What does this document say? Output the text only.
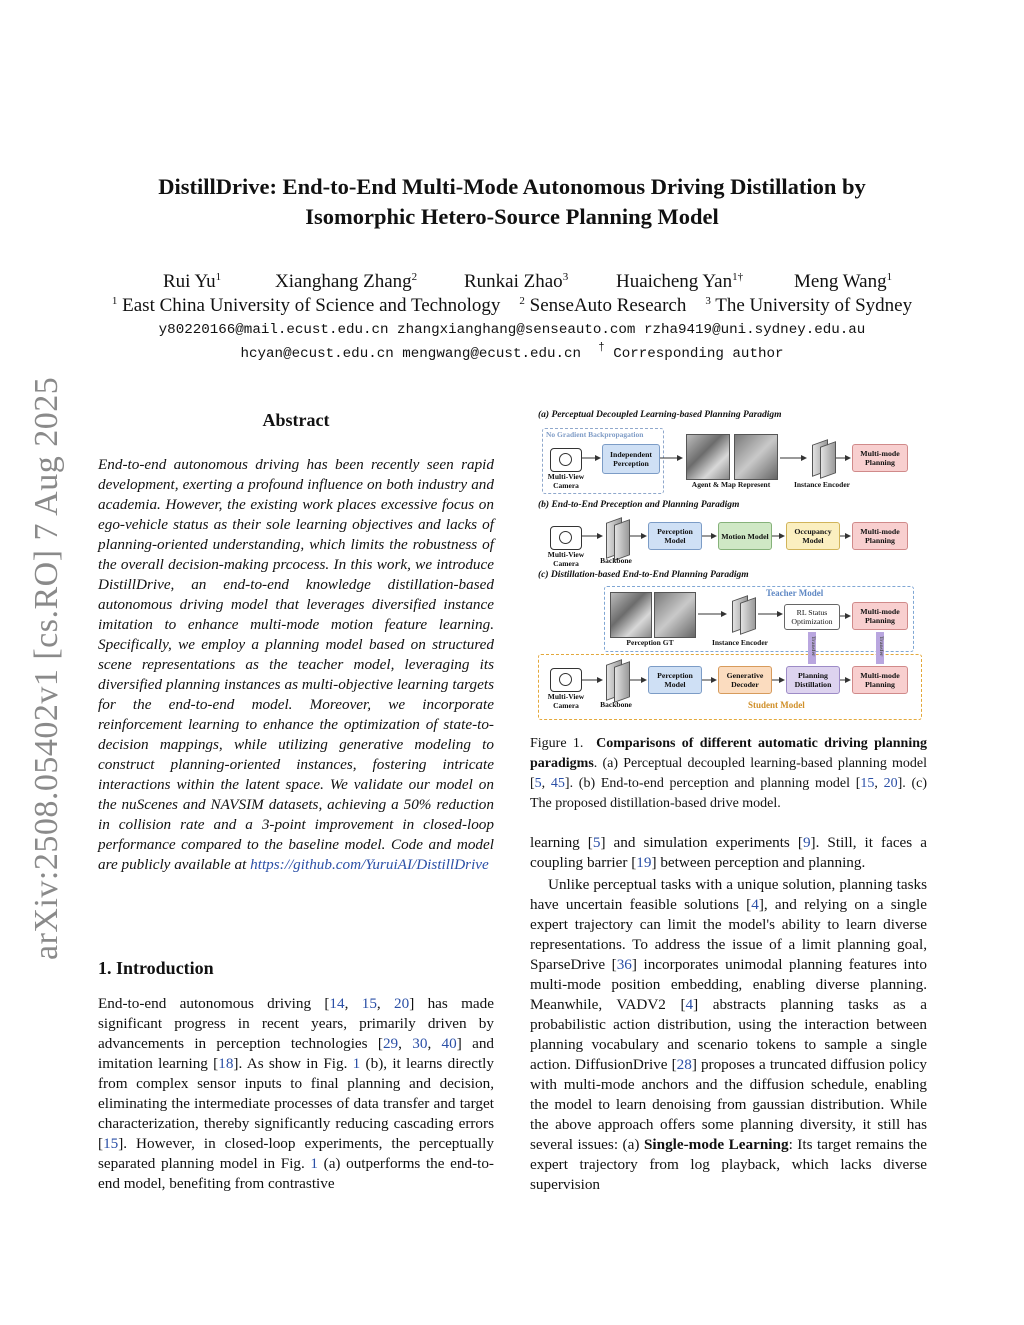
arXiv:2508.05402v1 [cs.RO] 7 Aug 2025
DistillDrive: End-to-End Multi-Mode Autonomous Driving Distillation by
Isomorphic Hetero-Source Planning Model
Rui Yu$^1$	Xianghang Zhang$^2$ Runkai Zhao$^3$	Huaicheng Yan$^{1\dagger}$	Meng Wang$^1$
$^1$ East China University of Science and Technology $^2$ SenseAuto Research $^3$ The University of Sydney
y80220166@mail.ecust.edu.cn zhangxianghang@senseauto.com rzha9419@uni.sydney.edu.au
hcyan@ecust.edu.cn mengwang@ecust.edu.cn † Corresponding author
Abstract
End-to-end autonomous driving has been recently seen rapid development, exerting a profound influence on both industry and academia. However, the existing work places excessive focus on ego-vehicle status as their sole learning objectives and lacks of planning-oriented understanding, which limits the robustness of the overall decision-making prcocess. In this work, we introduce DistillDrive, an end-to-end knowledge distillation-based autonomous driving model that leverages diversified instance imitation to enhance multi-mode motion feature learning. Specifically, we employ a planning model based on structured scene representations as the teacher model, leveraging its diversified planning instances as multi-objective learning targets for the end-to-end model. Moreover, we incorporate reinforcement learning to enhance the optimization of state-to-decision mappings, while utilizing generative modeling to construct planning-oriented instances, fostering intricate interactions within the latent space. We validate our model on the nuScenes and NAVSIM datasets, achieving a 50% reduction in collision rate and a 3-point improvement in closed-loop performance compared to the baseline model. Code and model are publicly available at https://github.com/YuruiAI/DistillDrive
1. Introduction
End-to-end autonomous driving [14, 15, 20] has made significant progress in recent years, primarily driven by advancements in perception technologies [29, 30, 40] and imitation learning [18]. As show in Fig. 1 (b), it learns directly from complex sensor inputs to final planning and decision, eliminating the intermediate processes of data transfer and target characterization, thereby significantly reducing cascading errors [15]. However, in closed-loop experiments, the perceptually separated planning model in Fig. 1 (a) outperforms the end-to-end model, benefiting from contrastive
(a) Perceptual Decoupled Learning-based Planning Paradigm
No Gradient Backpropagation
Multi-View Camera
Independent Perception
Agent & Map Represent	Instance Encoder
Multi-mode Planning
(b) End-to-End Preception and Planning Paradigm
Multi-View Camera	Backbone
Perception Model	Motion Model	Occupancy Model
Multi-mode Planning
(c) Distillation-based End-to-End Planning Paradigm
Teacher Model
Perception GT	Instance Encoder
RL Status Optimization
Multi-mode Planning
Multi-View Camera	Backbone
Perception Model
Generative Decoder
Planning Distillation
Multi-mode Planning
Student Model
Transfer	Transfer
Figure 1. Comparisons of different automatic driving planning paradigms. (a) Perceptual decoupled learning-based planning model [5, 45]. (b) End-to-end perception and planning model [15, 20]. (c) The proposed distillation-based drive model.
learning [5] and simulation experiments [9]. Still, it faces a coupling barrier [19] between perception and planning.
Unlike perceptual tasks with a unique solution, planning tasks have uncertain feasible solutions [4], and relying on a single expert trajectory can limit the model's ability to learn diverse representations. To address the issue of a limit planning goal, SparseDrive [36] incorporates unimodal planning features into multi-mode position embedding, enabling diverse planning. Meanwhile, VADV2 [4] abstracts planning tasks as a probabilistic action distribution, using the interaction between planning vocabulary and scenario tokens to sample a single action. DiffusionDrive [28] proposes a truncated diffusion policy with multi-mode anchors and the diffusion schedule, enabling the model to learn denoising from gaussian distribution. While the above approach offers some planning diversity, it still has several issues: (a) Single-mode Learning: Its target remains the expert trajectory from log playback, which lacks diverse supervision
